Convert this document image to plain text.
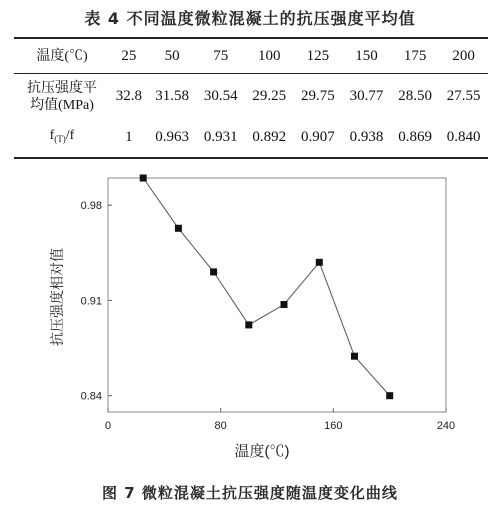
表 4 不同温度微粒混凝土的抗压强度平均值
温度(℃)	25	50	75	100	125	150	175	200
抗压强度平
均值(MPa)	32.8	31.58	30.54	29.25	29.75	30.77	28.50	27.55
$f_{(T)}/f$	1	0.963	0.931	0.892	0.907	0.938	0.869	0.840
0	80	160	240
0.84
0.91
0.98
抗压强度相对值
温度(℃)
图 7 微粒混凝土抗压强度随温度变化曲线
